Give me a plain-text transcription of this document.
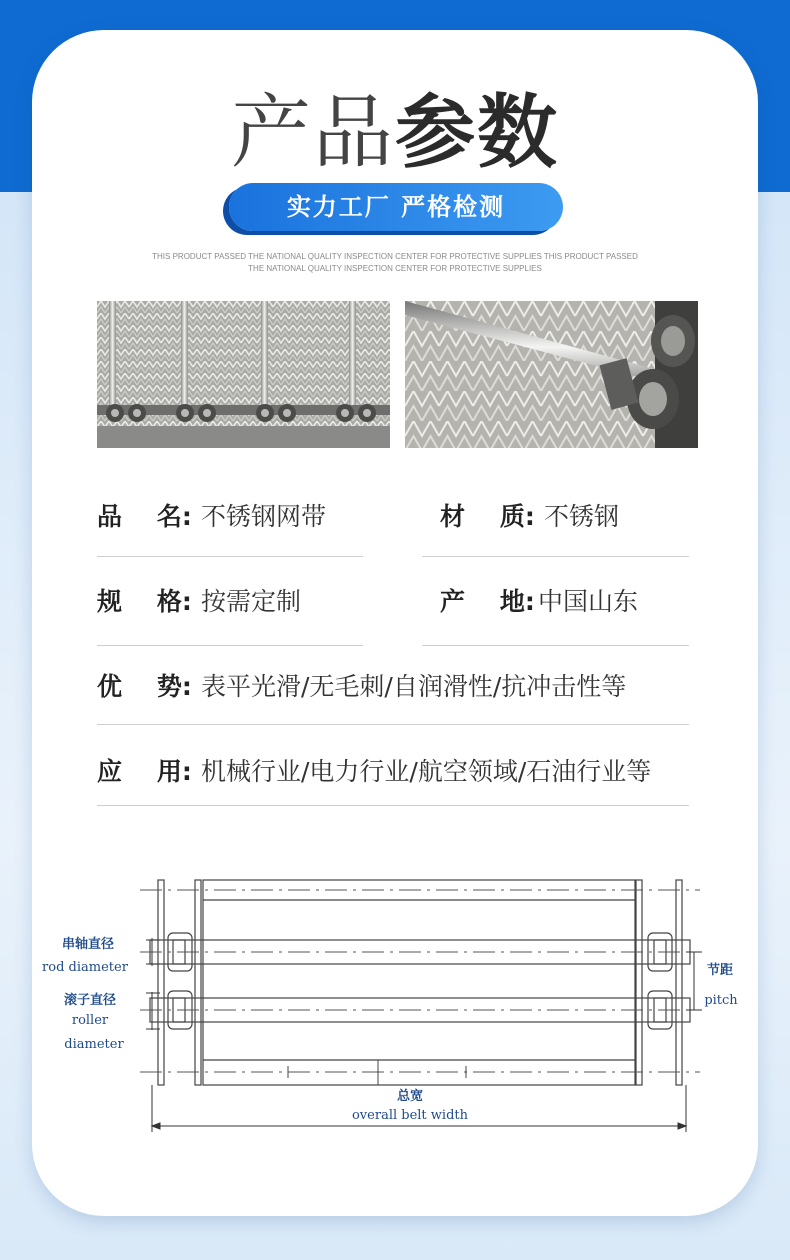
产品参数
实力工厂 严格检测
THIS PRODUCT PASSED THE NATIONAL QUALITY INSPECTION CENTER FOR PROTECTIVE SUPPLIES THIS PRODUCT PASSED
THE NATIONAL QUALITY INSPECTION CENTER FOR PROTECTIVE SUPPLIES
品    名: 不锈钢网带	材    质: 不锈钢
规    格: 按需定制	产    地: 中国山东
优    势: 表平光滑/无毛刺/自润滑性/抗冲击性等
应    用: 机械行业/电力行业/航空领域/石油行业等
串轴直径
rod diameter
滚子直径
roller
diameter
节距
pitch
总宽
overall belt width
